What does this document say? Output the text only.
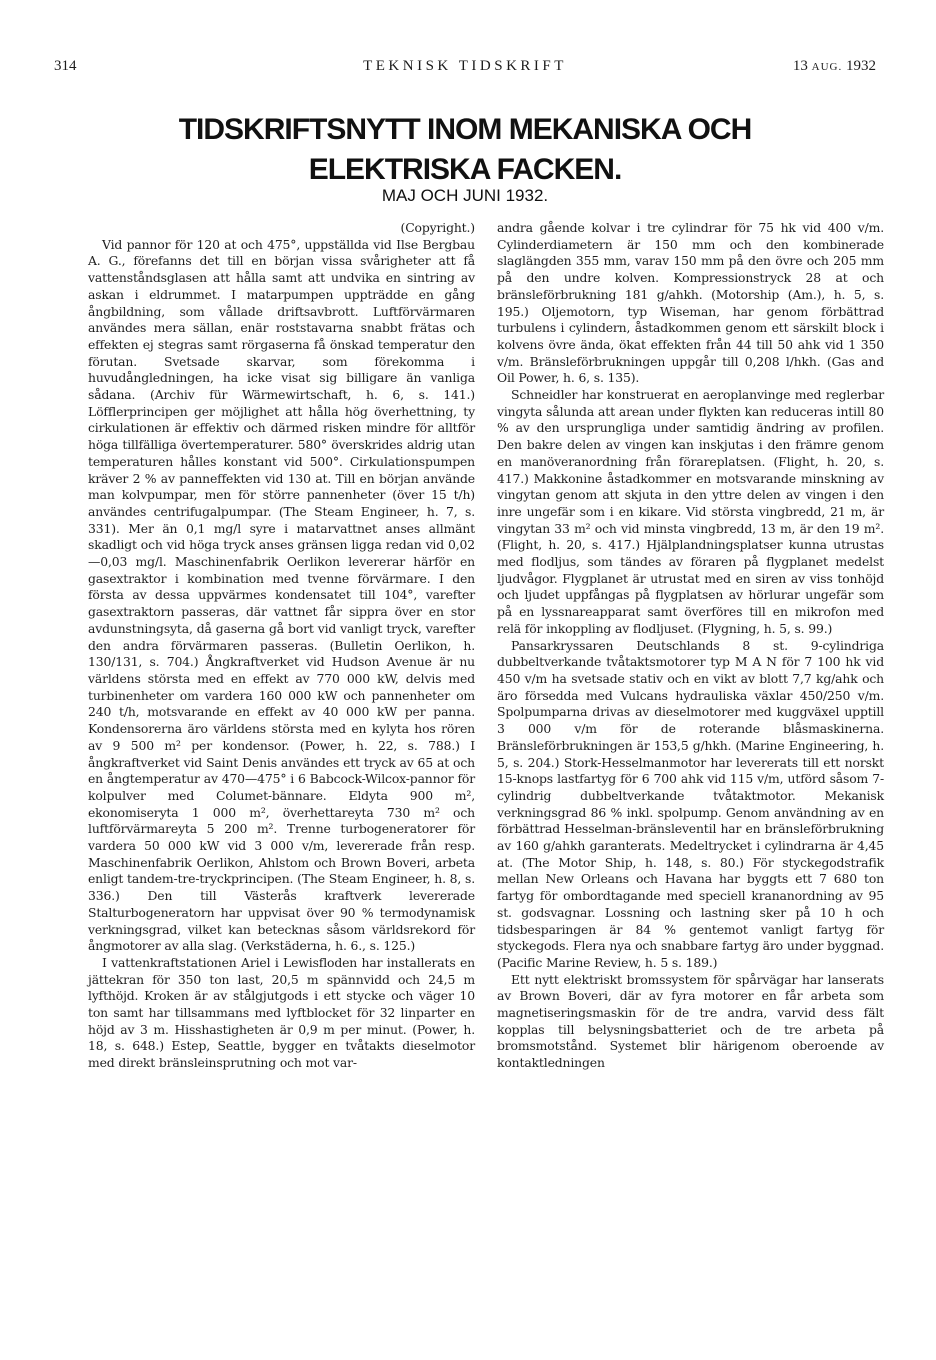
314	TEKNISK TIDSKRIFT	13 AUG. 1932
TIDSKRIFTSNYTT INOM MEKANISKA OCH
ELEKTRISKA FACKEN.
MAJ OCH JUNI 1932.

(Copyright.)

Vid pannor för 120 at och 475°, uppställda vid Ilse Bergbau A. G., förefanns det till en början vissa svårigheter att få vattenståndsglasen att hålla samt att undvika en sintring av askan i eldrummet. I matarpumpen uppträdde en gång ångbildning, som vållade driftsavbrott. Luftförvärmaren användes mera sällan, enär roststavarna snabbt frätas och effekten ej stegras samt rörgaserna få önskad temperatur den förutan. Svetsade skarvar, som förekomma i huvudångledningen, ha icke visat sig billigare än vanliga sådana. (Archiv für Wärmewirtschaft, h. 6, s. 141.) Löfflerprincipen ger möjlighet att hålla hög överhettning, ty cirkulationen är effektiv och därmed risken mindre för alltför höga tillfälliga övertemperaturer. 580° överskrides aldrig utan temperaturen hålles konstant vid 500°. Cirkulationspumpen kräver 2 % av panneffekten vid 130 at. Till en början använde man kolvpumpar, men för större pannenheter (över 15 t/h) användes centrifugalpumpar. (The Steam Engineer, h. 7, s. 331). Mer än 0,1 mg/l syre i matarvattnet anses allmänt skadligt och vid höga tryck anses gränsen ligga redan vid 0,02—0,03 mg/l. Maschinenfabrik Oerlikon levererar härför en gasextraktor i kombination med tvenne förvärmare. I den första av dessa uppvärmes kondensatet till 104°, varefter gasextraktorn passeras, där vattnet får sippra över en stor avdunstningsyta, då gaserna gå bort vid vanligt tryck, varefter den andra förvärmaren passeras. (Bulletin Oerlikon, h. 130/131, s. 704.) Ångkraftverket vid Hudson Avenue är nu världens största med en effekt av 770 000 kW, delvis med turbinenheter om vardera 160 000 kW och pannenheter om 240 t/h, motsvarande en effekt av 40 000 kW per panna. Kondensorerna äro världens största med en kylyta hos rören av 9 500 m² per kondensor. (Power, h. 22, s. 788.) I ångkraftverket vid Saint Denis användes ett tryck av 65 at och en ångtemperatur av 470—475° i 6 Babcock-Wilcox-pannor för kolpulver med Columet-bännare. Eldyta 900 m², ekonomiseryta 1 000 m², överhettareyta 730 m² och luftförvärmareyta 5 200 m². Trenne turbogeneratorer för vardera 50 000 kW vid 3 000 v/m, levererade från resp. Maschinenfabrik Oerlikon, Ahlstom och Brown Boveri, arbeta enligt tandem-tre-tryckprincipen. (The Steam Engineer, h. 8, s. 336.) Den till Västerås kraftverk levererade Stalturbogeneratorn har uppvisat över 90 % termodynamisk verkningsgrad, vilket kan betecknas såsom världsrekord för ångmotorer av alla slag. (Verkstäderna, h. 6., s. 125.)

I vattenkraftstationen Ariel i Lewisfloden har installerats en jättekran för 350 ton last, 20,5 m spännvidd och 24,5 m lyfthöjd. Kroken är av stålgjutgods i ett stycke och väger 10 ton samt har tillsammans med lyftblocket för 32 linparter en höjd av 3 m. Hisshastigheten är 0,9 m per minut. (Power, h. 18, s. 648.) Estep, Seattle, bygger en tvåtakts dieselmotor med direkt bränsleinsprutning och mot var-

andra gående kolvar i tre cylindrar för 75 hk vid 400 v/m. Cylinderdiametern är 150 mm och den kombinerade slaglängden 355 mm, varav 150 mm på den övre och 205 mm på den undre kolven. Kompressionstryck 28 at och bränsleförbrukning 181 g/ahkh. (Motorship (Am.), h. 5, s. 195.) Oljemotorn, typ Wiseman, har genom förbättrad turbulens i cylindern, åstadkommen genom ett särskilt block i kolvens övre ända, ökat effekten från 44 till 50 ahk vid 1 350 v/m. Bränsleförbrukningen uppgår till 0,208 l/hkh. (Gas and Oil Power, h. 6, s. 135).

Schneidler har konstruerat en aeroplanvinge med reglerbar vingyta sålunda att arean under flykten kan reduceras intill 80 % av den ursprungliga under samtidig ändring av profilen. Den bakre delen av vingen kan inskjutas i den främre genom en manöveranordning från förareplatsen. (Flight, h. 20, s. 417.) Makkonine åstadkommer en motsvarande minskning av vingytan genom att skjuta in den yttre delen av vingen i den inre ungefär som i en kikare. Vid största vingbredd, 21 m, är vingytan 33 m² och vid minsta vingbredd, 13 m, är den 19 m². (Flight, h. 20, s. 417.) Hjälplandningsplatser kunna utrustas med flodljus, som tändes av föraren på flygplanet medelst ljudvågor. Flygplanet är utrustat med en siren av viss tonhöjd och ljudet uppfångas på flygplatsen av hörlurar ungefär som på en lyssnareapparat samt överföres till en mikrofon med relä för inkoppling av flodljuset. (Flygning, h. 5, s. 99.)

Pansarkryssaren Deutschlands 8 st. 9-cylindriga dubbeltverkande tvåtaktsmotorer typ M A N för 7 100 hk vid 450 v/m ha svetsade stativ och en vikt av blott 7,7 kg/ahk och äro försedda med Vulcans hydrauliska växlar 450/250 v/m. Spolpumparna drivas av dieselmotorer med kuggväxel upptill 3 000 v/m för de roterande blåsmaskinerna. Bränsleförbrukningen är 153,5 g/hkh. (Marine Engineering, h. 5, s. 204.) Stork-Hesselmanmotor har levererats till ett norskt 15-knops lastfartyg för 6 700 ahk vid 115 v/m, utförd såsom 7-cylindrig dubbeltverkande tvåtaktmotor. Mekanisk verkningsgrad 86 % inkl. spolpump. Genom användning av en förbättrad Hesselman-bränsleventil har en bränsleförbrukning av 160 g/ahkh garanterats. Medeltrycket i cylindrarna är 4,45 at. (The Motor Ship, h. 148, s. 80.) För styckegodstrafik mellan New Orleans och Havana har byggts ett 7 680 ton fartyg för ombordtagande med speciell krananordning av 95 st. godsvagnar. Lossning och lastning sker på 10 h och tidsbesparingen är 84 % gentemot vanligt fartyg för styckegods. Flera nya och snabbare fartyg äro under byggnad. (Pacific Marine Review, h. 5 s. 189.)

Ett nytt elektriskt bromssystem för spårvägar har lanserats av Brown Boveri, där av fyra motorer en får arbeta som magnetiseringsmaskin för de tre andra, varvid dess fält kopplas till belysningsbatteriet och de tre arbeta på bromsmotstånd. Systemet blir härigenom oberoende av kontaktledningen
